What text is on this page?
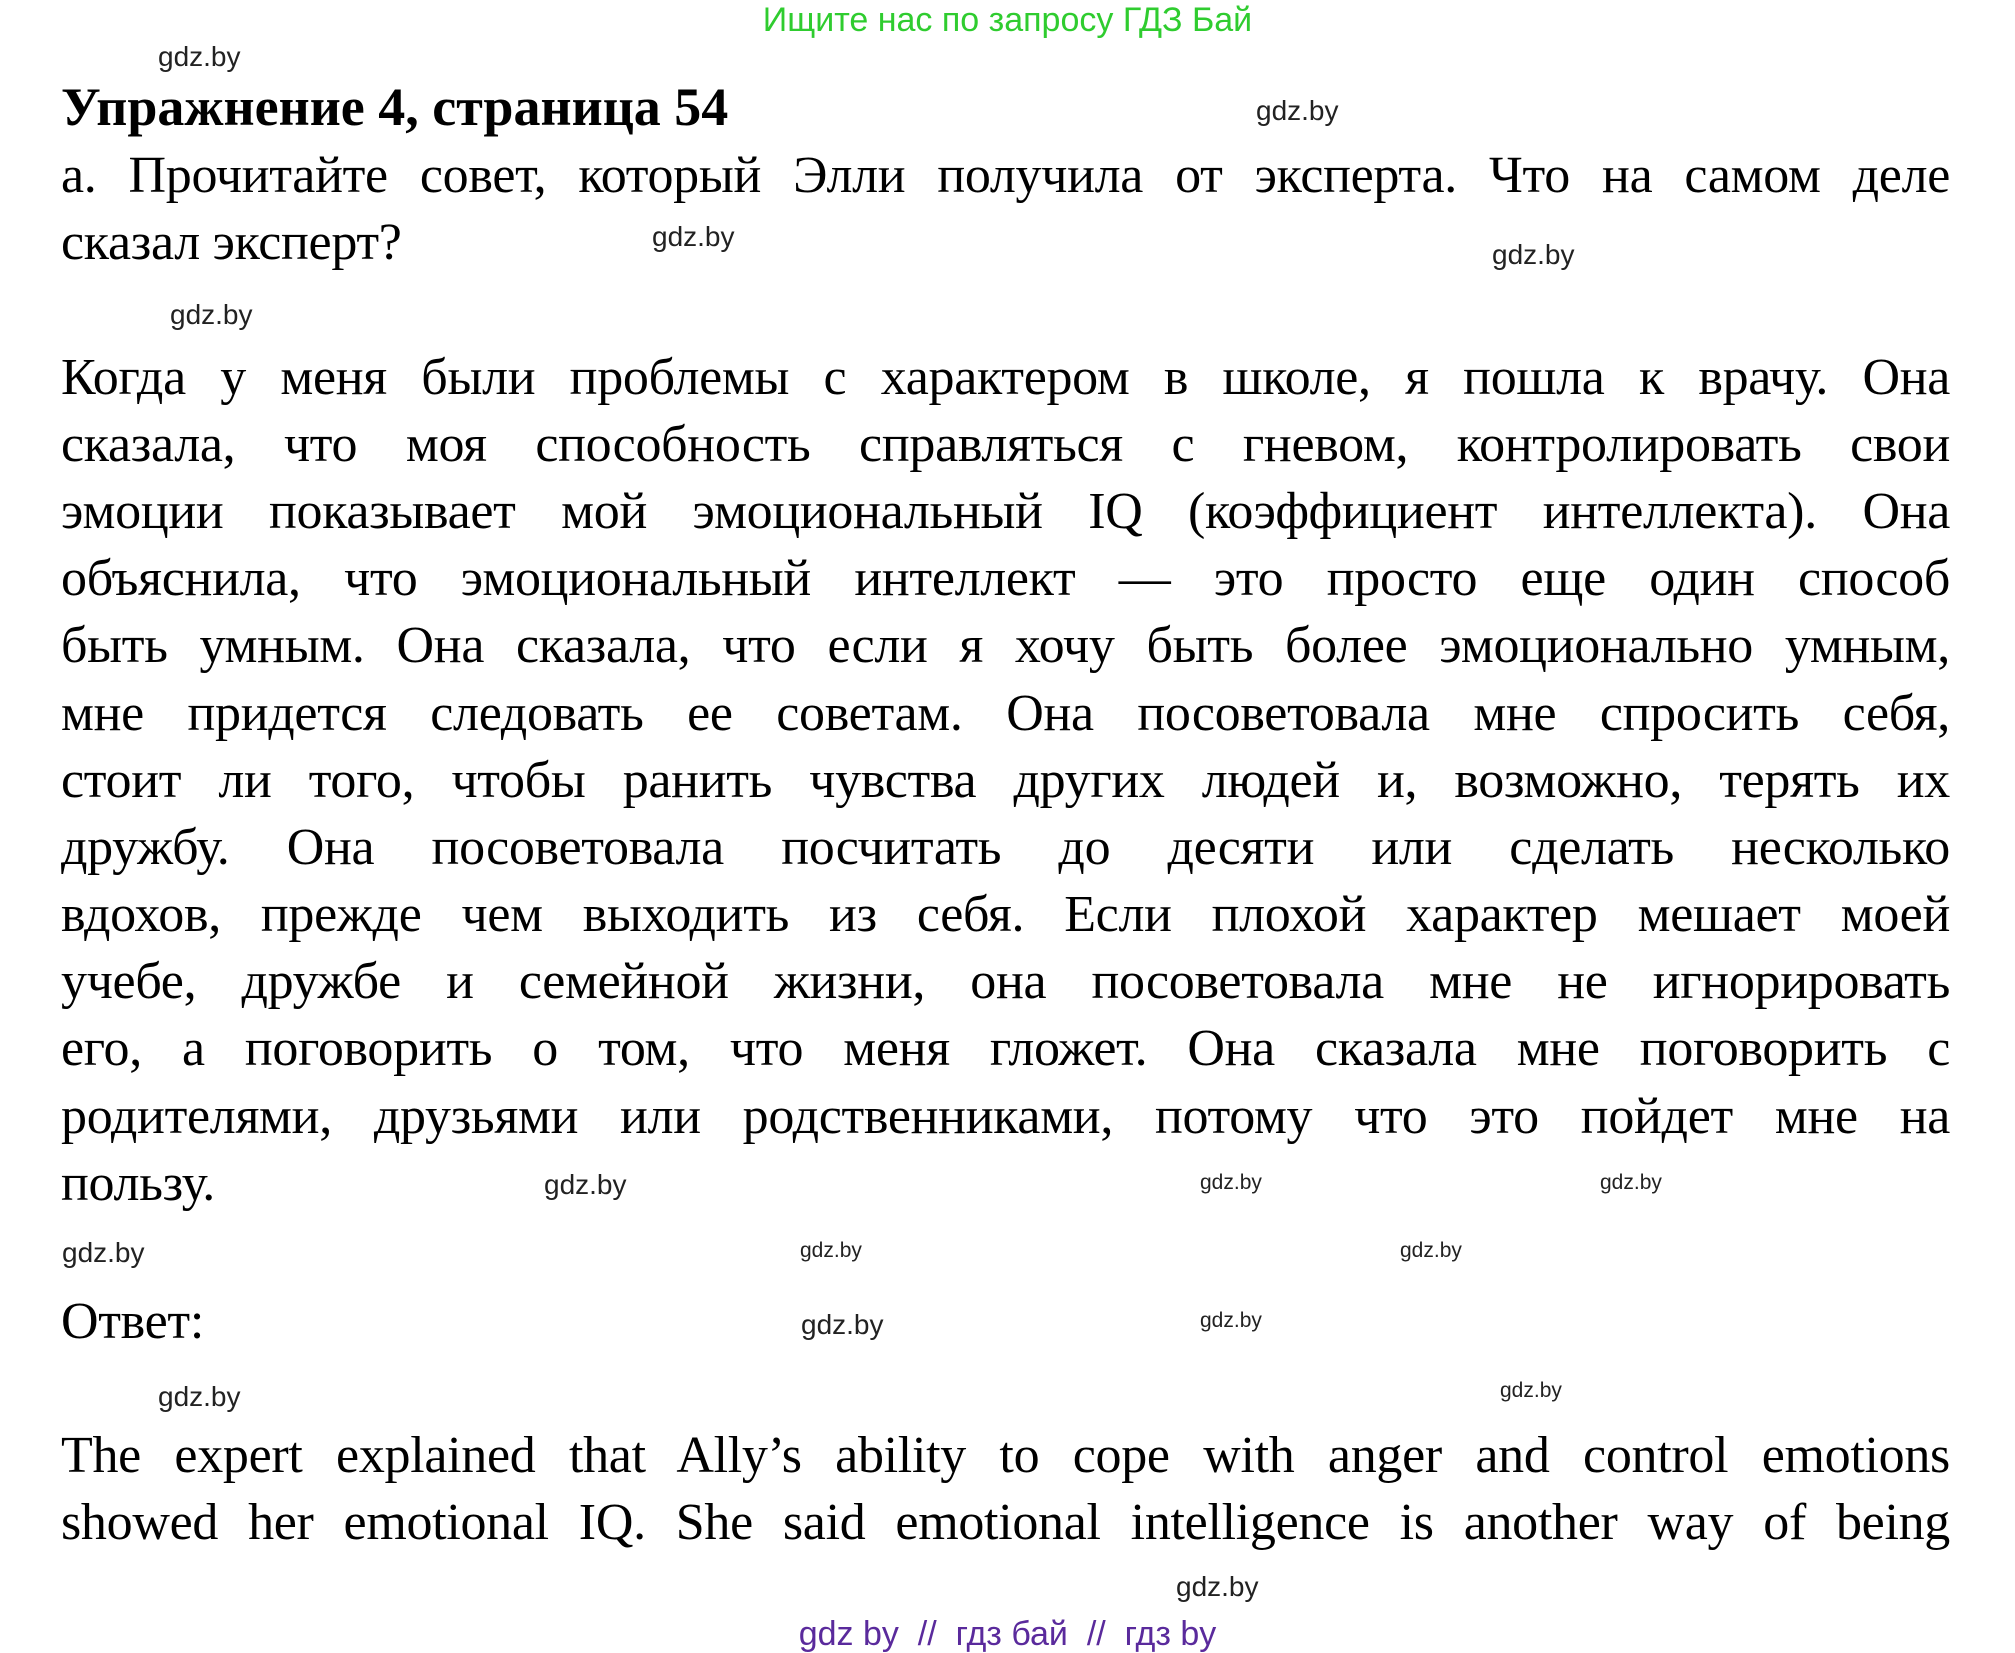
Ищите нас по запросу ГДЗ Бай
Упражнение 4, страница 54
а. Прочитайте совет, который Элли получила от эксперта. Что на самом деле
сказал эксперт?
Когда у меня были проблемы с характером в школе, я пошла к врачу. Она
сказала, что моя способность справляться с гневом, контролировать свои
эмоции показывает мой эмоциональный IQ (коэффициент интеллекта). Она
объяснила, что эмоциональный интеллект — это просто еще один способ
быть умным. Она сказала, что если я хочу быть более эмоционально умным,
мне придется следовать ее советам. Она посоветовала мне спросить себя,
стоит ли того, чтобы ранить чувства других людей и, возможно, терять их
дружбу. Она посоветовала посчитать до десяти или сделать несколько
вдохов, прежде чем выходить из себя. Если плохой характер мешает моей
учебе, дружбе и семейной жизни, она посоветовала мне не игнорировать
его, а поговорить о том, что меня гложет. Она сказала мне поговорить с
родителями, друзьями или родственниками, потому что это пойдет мне на
пользу.
Ответ:
The expert explained that Ally’s ability to cope with anger and control emotions
showed her emotional IQ. She said emotional intelligence is another way of being
gdz.by
gdz.by
gdz.by
gdz.by
gdz.by
gdz.by	gdz.by
gdz.by	gdz.by
gdz.by
gdz.by
gdz.by
gdz.by
gdz.by	gdz.by
gdz.by
gdz by  //  гдз бай  //  гдз by
